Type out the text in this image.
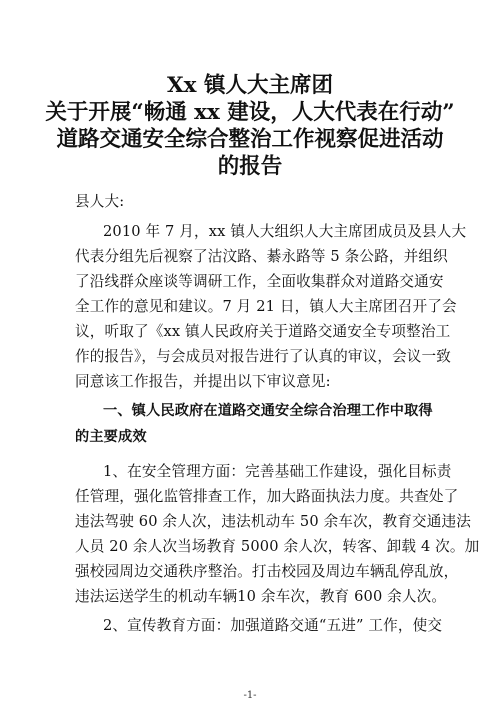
Xx 镇人大主席团
关于开展“畅通 xx 建设，人大代表在行动”
道路交通安全综合整治工作视察促进活动
的报告
县人大:
2010 年 7 月，xx 镇人大组织人大主席团成员及县人大
代表分组先后视察了沽汶路、綦永路等 5 条公路，并组织
了沿线群众座谈等调研工作，全面收集群众对道路交通安
全工作的意见和建议。7 月 21 日，镇人大主席团召开了会
议，听取了《xx 镇人民政府关于道路交通安全专项整治工
作的报告》，与会成员对报告进行了认真的审议，会议一致
同意该工作报告，并提出以下审议意见:
一、镇人民政府在道路交通安全综合治理工作中取得
的主要成效
1、在安全管理方面：完善基础工作建设，强化目标责
任管理，强化监管排查工作，加大路面执法力度。共查处了
违法驾驶 60 余人次，违法机动车 50 余车次，教育交通违法
人员 20 余人次当场教育 5000 余人次，转客、卸载 4 次。加
强校园周边交通秩序整治。打击校园及周边车辆乱停乱放，
违法运送学生的机动车辆10 余车次，教育 600 余人次。
2、宣传教育方面：加强道路交通“五进” 工作，使交
-1-
